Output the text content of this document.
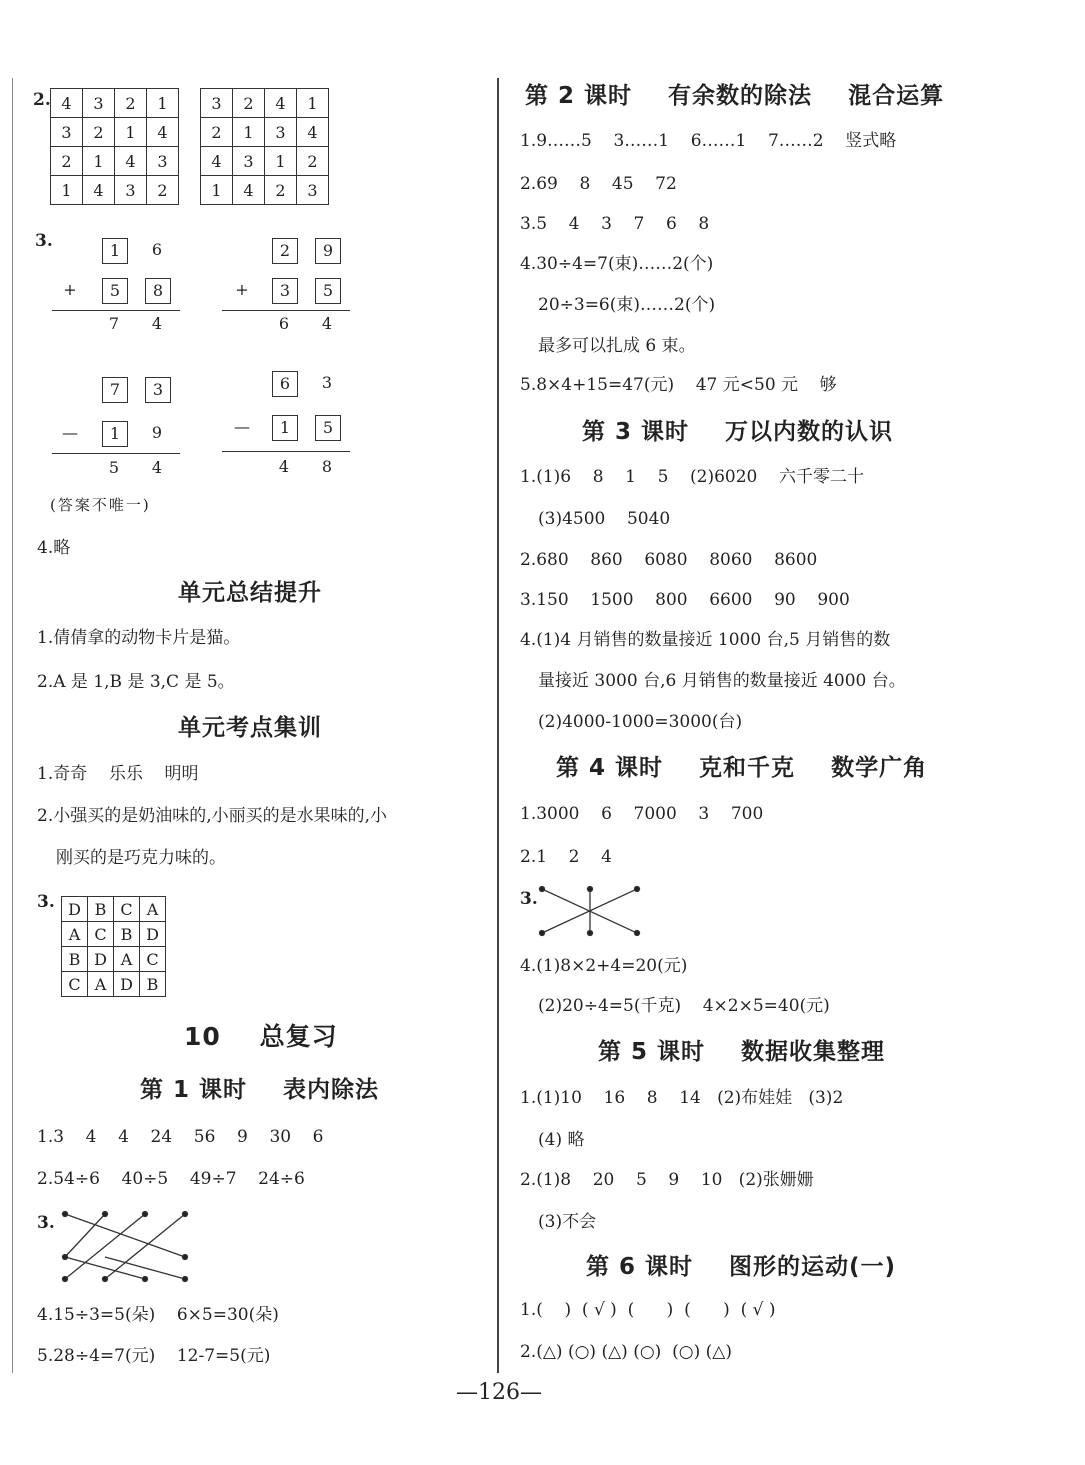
2. 4	3	2	1
3	2	1	4
2	1	4	3
1	4	3	2
3	2	4	1
2	1	3	4
4	3	1	2
1	4	2	3
3.	1	6
+	5	8
7	4
2	9
+	3	5
6	4
7	3
—	1	9
5	4
6	3
—	1	5
4	8
(答案不唯一)
4.略
单元总结提升
1.倩倩拿的动物卡片是猫。
2.A 是 1,B 是 3,C 是 5。
单元考点集训
1.奇奇    乐乐    明明
2.小强买的是奶油味的,小丽买的是水果味的,小
刚买的是巧克力味的。
3. D	B	C	A
A	C	B	D
B	D	A	C
C	A	D	B
10    总复习
第 1 课时    表内除法
1.3    4    4    24    56    9    30    6
2.54÷6    40÷5    49÷7    24÷6
3.
4.15÷3=5(朵)    6×5=30(朵)
5.28÷4=7(元)    12-7=5(元)
第 2 课时    有余数的除法    混合运算
1.9……5    3……1    6……1    7……2    竖式略
2.69    8    45    72
3.5    4    3    7    6    8
4.30÷4=7(束)……2(个)
20÷3=6(束)……2(个)
最多可以扎成 6 束。
5.8×4+15=47(元)    47 元<50 元    够
第 3 课时    万以内数的认识
1.(1)6    8    1    5    (2)6020    六千零二十
(3)4500    5040
2.680    860    6080    8060    8600
3.150    1500    800    6600    90    900
4.(1)4 月销售的数量接近 1000 台,5 月销售的数
量接近 3000 台,6 月销售的数量接近 4000 台。
(2)4000-1000=3000(台)
第 4 课时    克和千克    数学广角
1.3000    6    7000    3    700
2.1    2    4
3.
4.(1)8×2+4=20(元)
(2)20÷4=5(千克)    4×2×5=40(元)
第 5 课时    数据收集整理
1.(1)10    16    8    14   (2)布娃娃   (3)2
(4) 略
2.(1)8    20    5    9    10   (2)张姗姗
(3)不会
第 6 课时    图形的运动(一)
1.(    )  ( √ )  (      )  (      )  ( √ )
2.(△) (○) (△) (○)  (○) (△)
—126—
